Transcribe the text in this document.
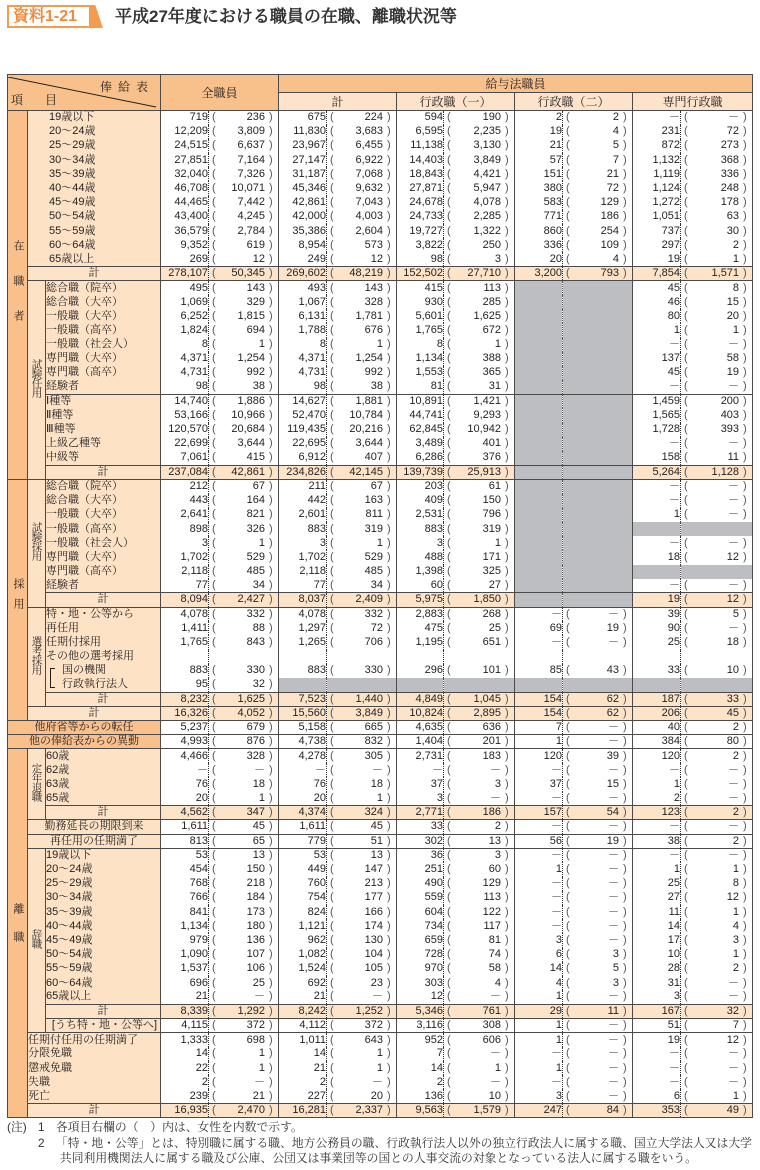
資料1-21	平成27年度における職員の在職、離職状況等
俸給表
項目			全職員		給与法職員							
					計		行政職（一）		行政職（二）		専門行政職	
在職者	19歳以下		719	( 236 )	675	( 224 )	594	( 190 )	2	( 2 )	－	( － )

	20～24歳		12,209	( 3,809 )	11,830	( 3,683 )	6,595	( 2,235 )	19	( 4 )	231	( 72 )

	25～29歳		24,515	( 6,637 )	23,967	( 6,455 )	11,138	( 3,130 )	21	( 5 )	872	( 273 )

	30～34歳		27,851	( 7,164 )	27,147	( 6,922 )	14,403	( 3,849 )	57	( 7 )	1,132	( 368 )

	35～39歳		32,040	( 7,326 )	31,187	( 7,068 )	18,843	( 4,421 )	151	( 21 )	1,119	( 336 )

	40～44歳		46,708	( 10,071 )	45,346	( 9,632 )	27,871	( 5,947 )	380	( 72 )	1,124	( 248 )

	45～49歳		44,465	( 7,442 )	42,861	( 7,043 )	24,678	( 4,078 )	583	( 129 )	1,272	( 178 )

	50～54歳		43,400	( 4,245 )	42,000	( 4,003 )	24,733	( 2,285 )	771	( 186 )	1,051	( 63 )

	55～59歳		36,579	( 2,784 )	35,386	( 2,604 )	19,727	( 1,322 )	860	( 254 )	737	( 30 )

	60～64歳		9,352	( 619 )	8,954	( 573 )	3,822	( 250 )	336	( 109 )	297	( 2 )

	65歳以上		269	( 12 )	249	( 12 )	98	( 3 )	20	( 4 )	19	( 1 )

	計		278,107	( 50,345 )	269,602	( 48,219 )	152,502	( 27,710 )	3,200	( 793 )	7,854	( 1,571 )

	試験任用	総合職（院卒）	495	( 143 )	493	( 143 )	415	( 113 )			45	( 8 )

		総合職（大卒）	1,069	( 329 )	1,067	( 328 )	930	( 285 )			46	( 15 )

		一般職（大卒）	6,252	( 1,815 )	6,131	( 1,781 )	5,601	( 1,625 )			80	( 20 )

		一般職（高卒）	1,824	( 694 )	1,788	( 676 )	1,765	( 672 )			1	( 1 )

		一般職（社会人）	8	( 1 )	8	( 1 )	8	( 1 )			－	( － )

		専門職（大卒）	4,371	( 1,254 )	4,371	( 1,254 )	1,134	( 388 )			137	( 58 )

		専門職（高卒）	4,731	( 992 )	4,731	( 992 )	1,553	( 365 )			45	( 19 )

		経験者	98	( 38 )	98	( 38 )	81	( 31 )			－	( － )

		Ⅰ種等	14,740	( 1,886 )	14,627	( 1,881 )	10,891	( 1,421 )			1,459	( 200 )

		Ⅱ種等	53,166	( 10,966 )	52,470	( 10,784 )	44,741	( 9,293 )			1,565	( 403 )

		Ⅲ種等	120,570	( 20,684 )	119,435	( 20,216 )	62,845	( 10,942 )			1,728	( 393 )

		上級乙種等	22,699	( 3,644 )	22,695	( 3,644 )	3,489	( 401 )			－	( － )

		中級等	7,061	( 415 )	6,912	( 407 )	6,286	( 376 )			158	( 11 )

		計	237,084	( 42,861 )	234,826	( 42,145 )	139,739	( 25,913 )			5,264	( 1,128 )

採用	試験採用	総合職（院卒）	212	( 67 )	211	( 67 )	203	( 61 )			－	( － )

		総合職（大卒）	443	( 164 )	442	( 163 )	409	( 150 )			－	( － )

		一般職（大卒）	2,641	( 821 )	2,601	( 811 )	2,531	( 796 )			1	( － )

		一般職（高卒）	898	( 326 )	883	( 319 )	883	( 319 )				

		一般職（社会人）	3	( 1 )	3	( 1 )	3	( 1 )			－	( － )

		専門職（大卒）	1,702	( 529 )	1,702	( 529 )	488	( 171 )			18	( 12 )

		専門職（高卒）	2,118	( 485 )	2,118	( 485 )	1,398	( 325 )				

		経験者	77	( 34 )	77	( 34 )	60	( 27 )			－	( － )

		計	8,094	( 2,427 )	8,037	( 2,409 )	5,975	( 1,850 )			19	( 12 )

	選考採用	特・地・公等から	4,078	( 332 )	4,078	( 332 )	2,883	( 268 )	－	( － )	39	( 5 )

		再任用	1,411	( 88 )	1,297	( 72 )	475	( 25 )	69	( 19 )	90	( － )

		任期付採用	1,765	( 843 )	1,265	( 706 )	1,195	( 651 )	－	( － )	25	( 18 )

		その他の選考採用										

国の機関	883	( 330 )	883	( 330 )	296	( 101 )	85	( 43 )	33	( 10 )

行政執行法人	95	( 32 )								

		計	8,232	( 1,625 )	7,523	( 1,440 )	4,849	( 1,045 )	154	( 62 )	187	( 33 )

	計		16,326	( 4,052 )	15,560	( 3,849 )	10,824	( 2,895 )	154	( 62 )	206	( 45 )

他府省等からの転任			5,237	( 679 )	5,158	( 665 )	4,635	( 636 )	7	( － )	40	( 2 )

他の俸給表からの異動			4,993	( 876 )	4,738	( 832 )	1,404	( 201 )	1	( － )	384	( 80 )

離職	定年退職	60歳	4,466	( 328 )	4,278	( 305 )	2,731	( 183 )	120	( 39 )	120	( 2 )

		62歳	－	( － )	－	( － )	－	( － )	－	( － )	－	( － )

		63歳	76	( 18 )	76	( 18 )	37	( 3 )	37	( 15 )	1	( － )

		65歳	20	( 1 )	20	( 1 )	3	( － )	－	( － )	2	( － )

		計	4,562	( 347 )	4,374	( 324 )	2,771	( 186 )	157	( 54 )	123	( 2 )

	勤務延長の期限到来		1,611	( 45 )	1,611	( 45 )	33	( 2 )	－	( － )	－	( － )

	再任用の任期満了		813	( 65 )	779	( 51 )	302	( 13 )	56	( 19 )	38	( 2 )

	辞職	19歳以下	53	( 13 )	53	( 13 )	36	( 3 )	－	( － )	－	( － )

		20～24歳	454	( 150 )	449	( 147 )	251	( 60 )	1	( － )	1	( 1 )

		25～29歳	768	( 218 )	760	( 213 )	490	( 129 )	－	( － )	25	( 8 )

		30～34歳	766	( 184 )	754	( 177 )	559	( 113 )	－	( － )	27	( 12 )

		35～39歳	841	( 173 )	824	( 166 )	604	( 122 )	－	( － )	11	( 1 )

		40～44歳	1,134	( 180 )	1,121	( 174 )	734	( 117 )	－	( － )	14	( 4 )

		45～49歳	979	( 136 )	962	( 130 )	659	( 81 )	3	( － )	17	( 3 )

		50～54歳	1,090	( 107 )	1,082	( 104 )	728	( 74 )	6	( 3 )	10	( 1 )

		55～59歳	1,537	( 106 )	1,524	( 105 )	970	( 58 )	14	( 5 )	28	( 2 )

		60～64歳	696	( 25 )	692	( 23 )	303	( 4 )	4	( 3 )	31	( － )

		65歳以上	21	( － )	21	( － )	12	( － )	1	( － )	3	( － )

		計	8,339	( 1,292 )	8,242	( 1,252 )	5,346	( 761 )	29	( 11 )	167	( 32 )

		[うち特・地・公等へ]	4,115	( 372 )	4,112	( 372 )	3,116	( 308 )	1	( － )	51	( 7 )

	任期付任用の任期満了		1,333	( 698 )	1,011	( 643 )	952	( 606 )	1	( － )	19	( 12 )

	分限免職		14	( 1 )	14	( 1 )	7	( － )	－	( － )	－	( － )

	懲戒免職		22	( 1 )	21	( 1 )	14	( 1 )	1	( － )	－	( － )

	失職		2	( － )	2	( － )	2	( － )	－	( － )	－	( － )

	死亡		239	( 21 )	227	( 20 )	136	( 10 )	3	( － )	6	( 1 )

	計		16,935	( 2,470 )	16,281	( 2,337 )	9,563	( 1,579 )	247	( 84 )	353	( 49 )
(注) 1 各項目右欄の（　）内は、女性を内数で示す。
2 「特・地・公等」とは、特別職に属する職、地方公務員の職、行政執行法人以外の独立行政法人に属する職、国立大学法人又は大学共同利用機関法人に属する職及び公庫、公団又は事業団等の国との人事交流の対象となっている法人に属する職をいう。
